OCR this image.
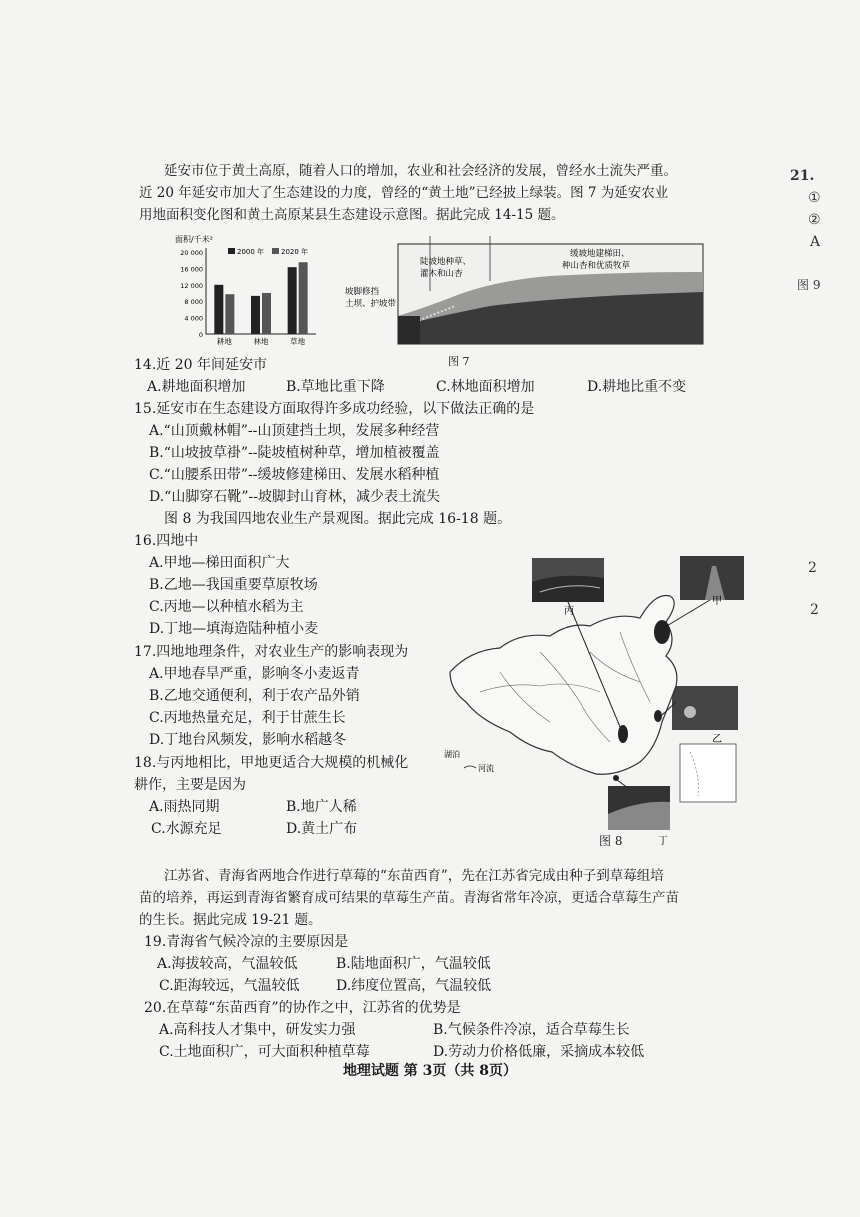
21.
①
②
A
图 9
2
2
延安市位于黄土高原，随着人口的增加，农业和社会经济的发展，曾经水土流失严重。
近 20 年延安市加大了生态建设的力度，曾经的“黄土地”已经披上绿装。图 7 为延安农业
用地面积变化图和黄土高原某县生态建设示意图。据此完成 14-15 题。
面积/千米²
20 000
16 000
12 000
8 000
4 000
0
耕地	林地	草地
2000 年 2020 年
坡脚修挡
土坝、护坡带
陡坡地种草、
灌木和山杏
缓坡地建梯田、
种山杏和优质牧草
图 7
14.近 20 年间延安市
A.耕地面积增加	B.草地比重下降	C.林地面积增加	D.耕地比重不变
15.延安市在生态建设方面取得许多成功经验，以下做法正确的是
A.“山顶戴林帽”--山顶建挡土坝，发展多种经营
B.“山坡披草褂”--陡坡植树种草，增加植被覆盖
C.“山腰系田带”--缓坡修建梯田、发展水稻种植
D.“山脚穿石靴”--坡脚封山育林，减少表土流失
图 8 为我国四地农业生产景观图。据此完成 16-18 题。
16.四地中
A.甲地—梯田面积广大
B.乙地—我国重要草原牧场
C.丙地—以种植水稻为主
D.丁地—填海造陆种植小麦
17.四地地理条件，对农业生产的影响表现为
A.甲地春旱严重，影响冬小麦返青
B.乙地交通便利，利于农产品外销
C.丙地热量充足，利于甘蔗生长
D.丁地台风频发，影响水稻越冬
18.与丙地相比，甲地更适合大规模的机械化
耕作，主要是因为
A.雨热同期	B.地广人稀
C.水源充足	D.黄土广布
丙
甲
乙
丁
湖泊
河流
图 8
江苏省、青海省两地合作进行草莓的“东苗西育”，先在江苏省完成由种子到草莓组培
苗的培养，再运到青海省繁育成可结果的草莓生产苗。青海省常年冷凉，更适合草莓生产苗
的生长。据此完成 19-21 题。
19.青海省气候冷凉的主要原因是
A.海拔较高，气温较低	B.陆地面积广，气温较低
C.距海较远，气温较低	D.纬度位置高，气温较低
20.在草莓“东苗西育”的协作之中，江苏省的优势是
A.高科技人才集中，研发实力强	B.气候条件冷凉，适合草莓生长
C.土地面积广，可大面积种植草莓	D.劳动力价格低廉，采摘成本较低
地理试题 第 3页（共 8页）
